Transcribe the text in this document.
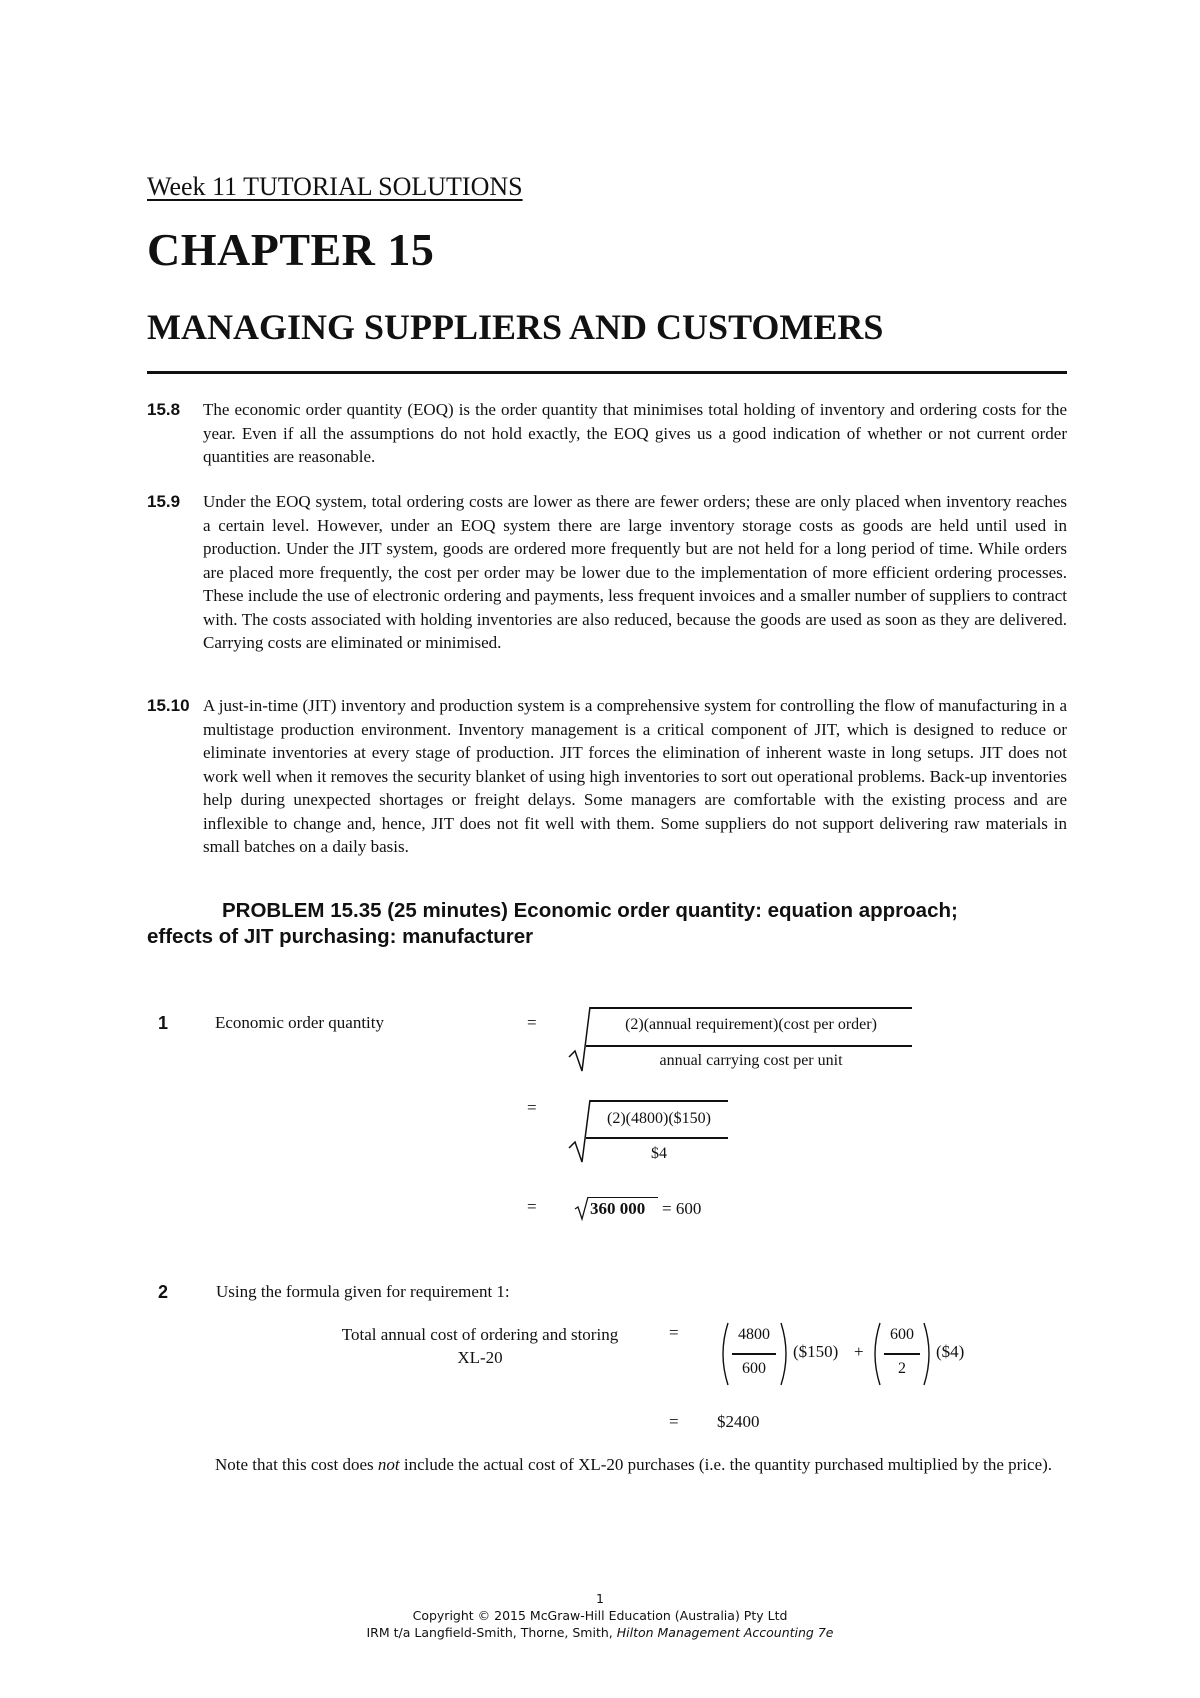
Week 11 TUTORIAL SOLUTIONS
CHAPTER 15
MANAGING SUPPLIERS AND CUSTOMERS
15.8	The economic order quantity (EOQ) is the order quantity that minimises total holding of inventory and ordering costs for the year. Even if all the assumptions do not hold exactly, the EOQ gives us a good indication of whether or not current order quantities are reasonable.
15.9	Under the EOQ system, total ordering costs are lower as there are fewer orders; these are only placed when inventory reaches a certain level. However, under an EOQ system there are large inventory storage costs as goods are held until used in production. Under the JIT system, goods are ordered more frequently but are not held for a long period of time. While orders are placed more frequently, the cost per order may be lower due to the implementation of more efficient ordering processes. These include the use of electronic ordering and payments, less frequent invoices and a smaller number of suppliers to contract with. The costs associated with holding inventories are also reduced, because the goods are used as soon as they are delivered. Carrying costs are eliminated or minimised.
15.10 A just-in-time (JIT) inventory and production system is a comprehensive system for controlling the flow of manufacturing in a multistage production environment. Inventory management is a critical component of JIT, which is designed to reduce or eliminate inventories at every stage of production. JIT forces the elimination of inherent waste in long setups. JIT does not work well when it removes the security blanket of using high inventories to sort out operational problems. Back-up inventories help during unexpected shortages or freight delays. Some managers are comfortable with the existing process and are inflexible to change and, hence, JIT does not fit well with them. Some suppliers do not support delivering raw materials in small batches on a daily basis.
PROBLEM 15.35 (25 minutes) Economic order quantity: equation approach;
effects of JIT purchasing: manufacturer
1	Economic order quantity	=	(2)(annual requirement)(cost per order)
annual carrying cost per unit
=
(2)(4800)($150)
$4
=	360 000 = 600
2	Using the formula given for requirement 1:
Total annual cost of ordering and storing
XL-20
=	4800
600
($150) +
600
2
($4)
= $2400
Note that this cost does not include the actual cost of XL-20 purchases (i.e. the quantity purchased multiplied by the price).
1
Copyright © 2015 McGraw-Hill Education (Australia) Pty Ltd
IRM t/a Langfield-Smith, Thorne, Smith, Hilton Management Accounting 7e
